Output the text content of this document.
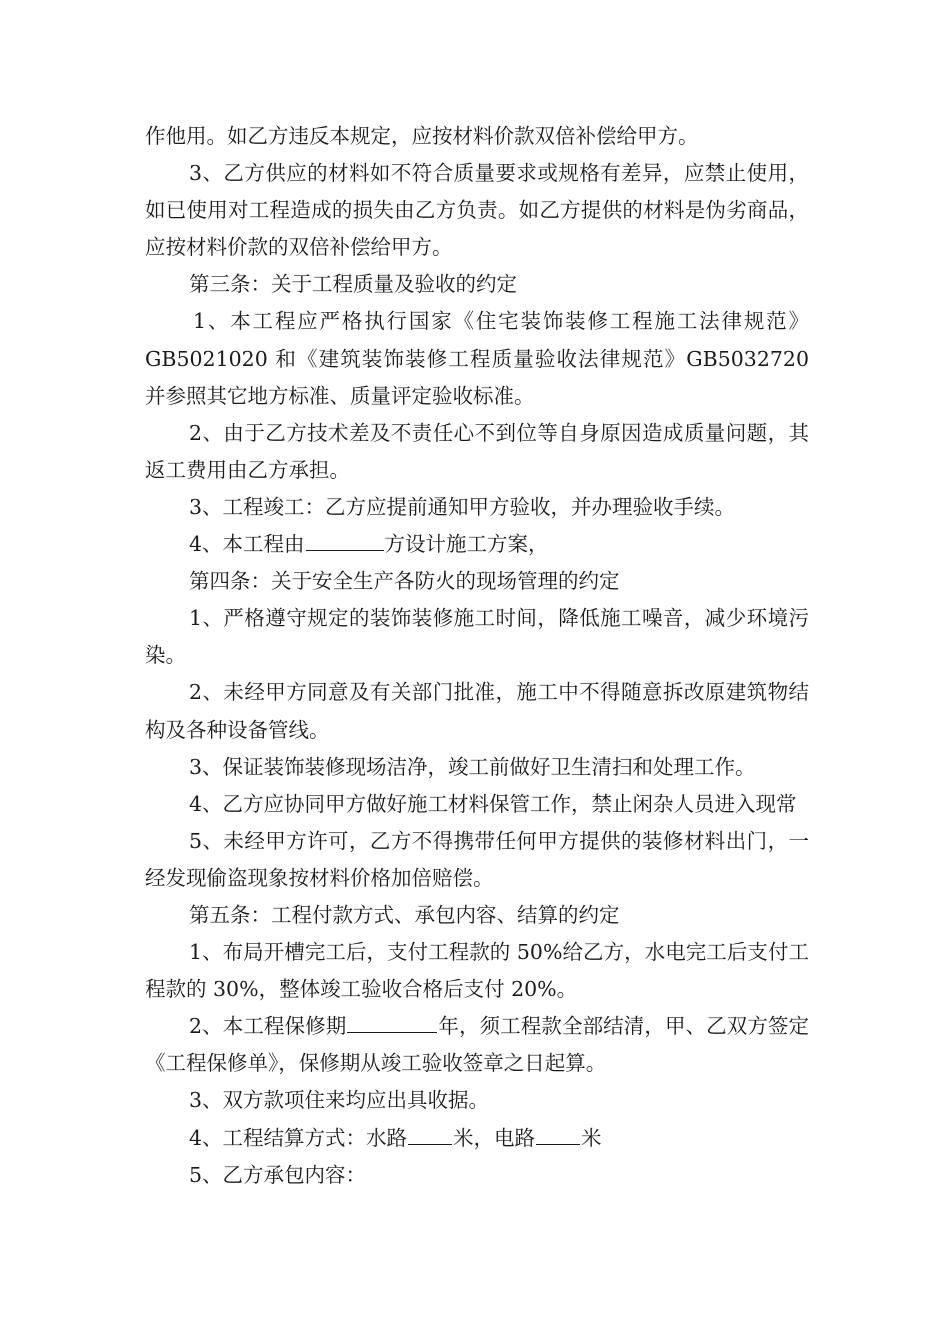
作他用。如乙方违反本规定，应按材料价款双倍补偿给甲方。

3、乙方供应的材料如不符合质量要求或规格有差异，应禁止使用，如已使用对工程造成的损失由乙方负责。如乙方提供的材料是伪劣商品，应按材料价款的双倍补偿给甲方。

第三条：关于工程质量及验收的约定

1、本工程应严格执行国家《住宅装饰装修工程施工法律规范》GB5021020 和《建筑装饰装修工程质量验收法律规范》GB5032720 并参照其它地方标准、质量评定验收标准。

2、由于乙方技术差及不责任心不到位等自身原因造成质量问题，其返工费用由乙方承担。

3、工程竣工：乙方应提前通知甲方验收，并办理验收手续。

4、本工程由	方设计施工方案，

第四条：关于安全生产各防火的现场管理的约定

1、严格遵守规定的装饰装修施工时间，降低施工噪音，减少环境污染。

2、未经甲方同意及有关部门批准，施工中不得随意拆改原建筑物结构及各种设备管线。

3、保证装饰装修现场洁净，竣工前做好卫生清扫和处理工作。

4、乙方应协同甲方做好施工材料保管工作，禁止闲杂人员进入现常

5、未经甲方许可，乙方不得携带任何甲方提供的装修材料出门，一经发现偷盗现象按材料价格加倍赔偿。

第五条：工程付款方式、承包内容、结算的约定

1、布局开槽完工后，支付工程款的 50%给乙方，水电完工后支付工程款的 30%，整体竣工验收合格后支付 20%。

2、本工程保修期	年，须工程款全部结清，甲、乙双方签定《工程保修单》，保修期从竣工验收签章之日起算。

3、双方款项住来均应出具收据。

4、工程结算方式：水路 米，电路 米

5、乙方承包内容：
